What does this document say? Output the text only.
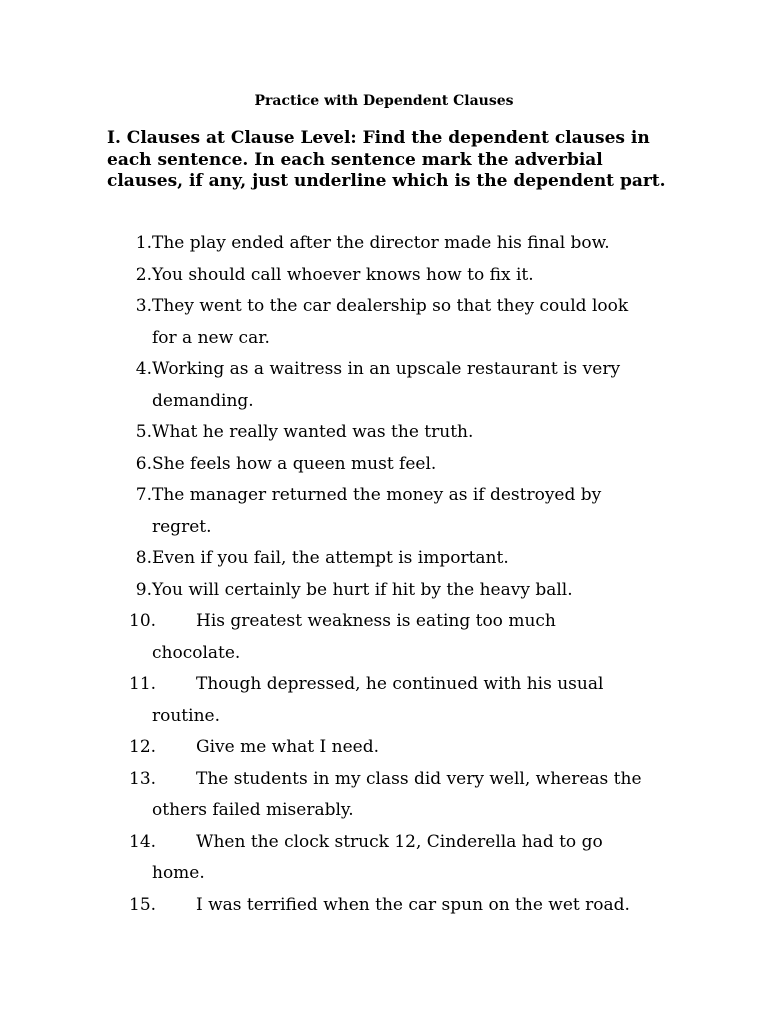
Practice with Dependent Clauses

I. Clauses at Clause Level: Find the dependent clauses in each sentence. In each sentence mark the adverbial clauses, if any, just underline which is the dependent part.

1. The play ended after the director made his final bow.
2. You should call whoever knows how to fix it.
3. They went to the car dealership so that they could look
for a new car.
4. Working as a waitress in an upscale restaurant is very
demanding.
5. What he really wanted was the truth.
6. She feels how a queen must feel.
7. The manager returned the money as if destroyed by
regret.
8. Even if you fail, the attempt is important.
9. You will certainly be hurt if hit by the heavy ball.
10.	His greatest weakness is eating too much
chocolate.
11.	Though depressed, he continued with his usual
routine.
12.	Give me what I need.
13.	The students in my class did very well, whereas the
others failed miserably.
14.	When the clock struck 12, Cinderella had to go
home.
15.	I was terrified when the car spun on the wet road.
